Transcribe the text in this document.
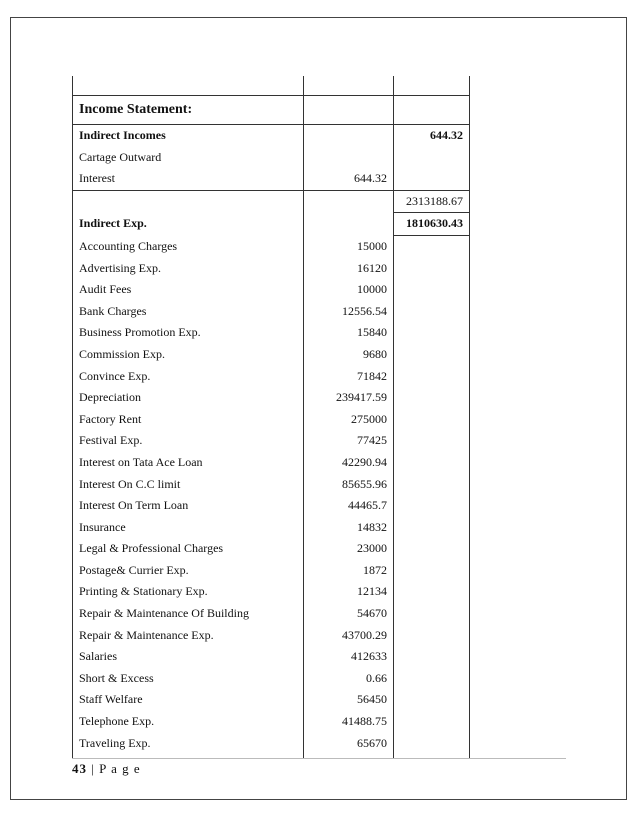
Income Statement:		
Indirect Incomes		644.32
Cartage Outward		
Interest	644.32	
		2313188.67
Indirect Exp.		1810630.43
Accounting Charges	15000	
Advertising Exp.	16120	
Audit Fees	10000	
Bank Charges	12556.54	
Business Promotion Exp.	15840	
Commission Exp.	9680	
Convince Exp.	71842	
Depreciation	239417.59	
Factory Rent	275000	
Festival Exp.	77425	
Interest on Tata Ace Loan	42290.94	
Interest On C.C limit	85655.96	
Interest On Term Loan	44465.7	
Insurance	14832	
Legal & Professional Charges	23000	
Postage& Currier Exp.	1872	
Printing & Stationary Exp.	12134	
Repair & Maintenance Of Building	54670	
Repair & Maintenance Exp.	43700.29	
Salaries	412633	
Short & Excess	0.66	
Staff Welfare	56450	
Telephone Exp.	41488.75	
Traveling Exp.	65670	
43 | P a g e
